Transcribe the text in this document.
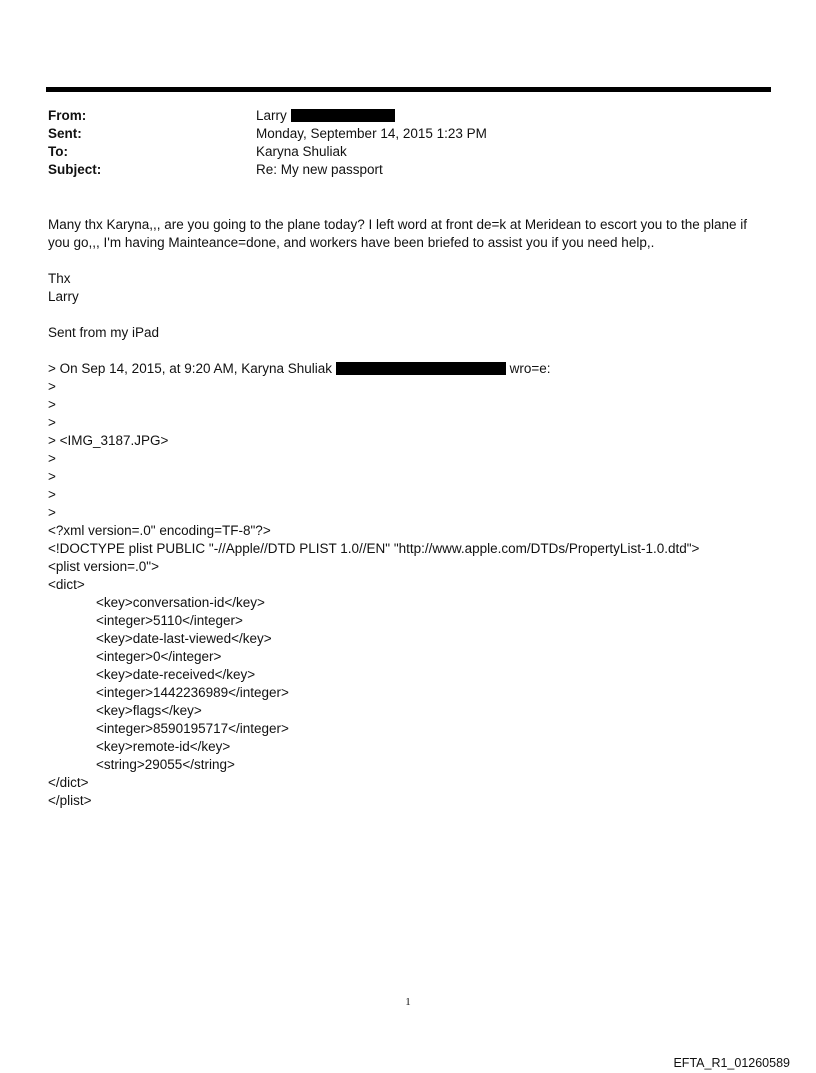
From:	Larry
Sent:	Monday, September 14, 2015 1:23 PM
To:	Karyna Shuliak
Subject:	Re: My new passport
Many thx Karyna,,, are you going to the plane today? I left word at front de=k at Meridean to escort you to the plane if you go,,, I'm having Mainteance=done, and workers have been briefed to assist you if you need help,.
Thx
Larry
Sent from my iPad
> On Sep 14, 2015, at 9:20 AM, Karyna Shuliak	wro=e:
>
>
>
> <IMG_3187.JPG>
>
>
>
>
<?xml version=.0" encoding=TF-8"?>
<!DOCTYPE plist PUBLIC "-//Apple//DTD PLIST 1.0//EN" "http://www.apple.com/DTDs/PropertyList-1.0.dtd">
<plist version=.0">
<dict>
<key>conversation-id</key>
<integer>5110</integer>
<key>date-last-viewed</key>
<integer>0</integer>
<key>date-received</key>
<integer>1442236989</integer>
<key>flags</key>
<integer>8590195717</integer>
<key>remote-id</key>
<string>29055</string>
</dict>
</plist>
1
EFTA_R1_01260589
